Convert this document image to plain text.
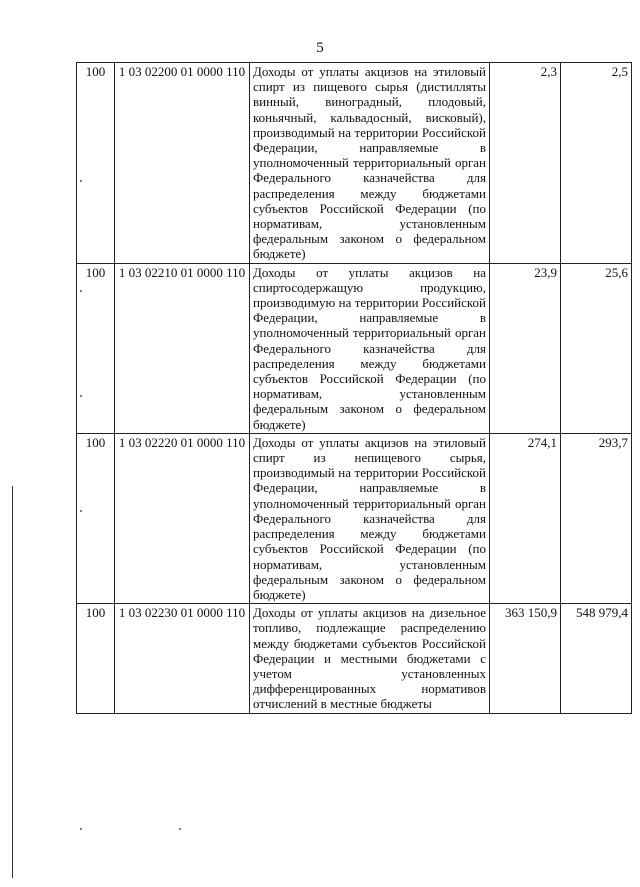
5
100	1 03 02200 01 0000 110	Доходы от уплаты акцизов на этиловый спирт из пищевого сырья (дистилляты винный, виноградный, плодовый, коньячный, кальвадосный, висковый), производимый на территории Российской Федерации, направляемые в уполномоченный территориальный орган Федерального казначейства для распределения между бюджетами субъектов Российской Федерации (по нормативам, установленным федеральным законом о федеральном
бюджете)	2,3	2,5
100	1 03 02210 01 0000 110	Доходы от уплаты акцизов на спиртосодержащую продукцию, производимую на территории Российской Федерации, направляемые в уполномоченный территориальный орган Федерального казначейства для распределения между бюджетами субъектов Российской Федерации (по нормативам, установленным федеральным законом о федеральном
бюджете)	23,9	25,6
100	1 03 02220 01 0000 110	Доходы от уплаты акцизов на этиловый спирт из непищевого сырья, производимый на территории Российской Федерации, направляемые в уполномоченный территориальный орган Федерального казначейства для распределения между бюджетами субъектов Российской Федерации (по нормативам, установленным федеральным законом о федеральном
бюджете)	274,1	293,7
100	1 03 02230 01 0000 110	Доходы от уплаты акцизов на дизельное топливо, подлежащие распределению между бюджетами субъектов Российской Федерации и местными бюджетами с учетом установленных дифференцированных нормативов
отчислений в местные бюджеты	363 150,9	548 979,4
